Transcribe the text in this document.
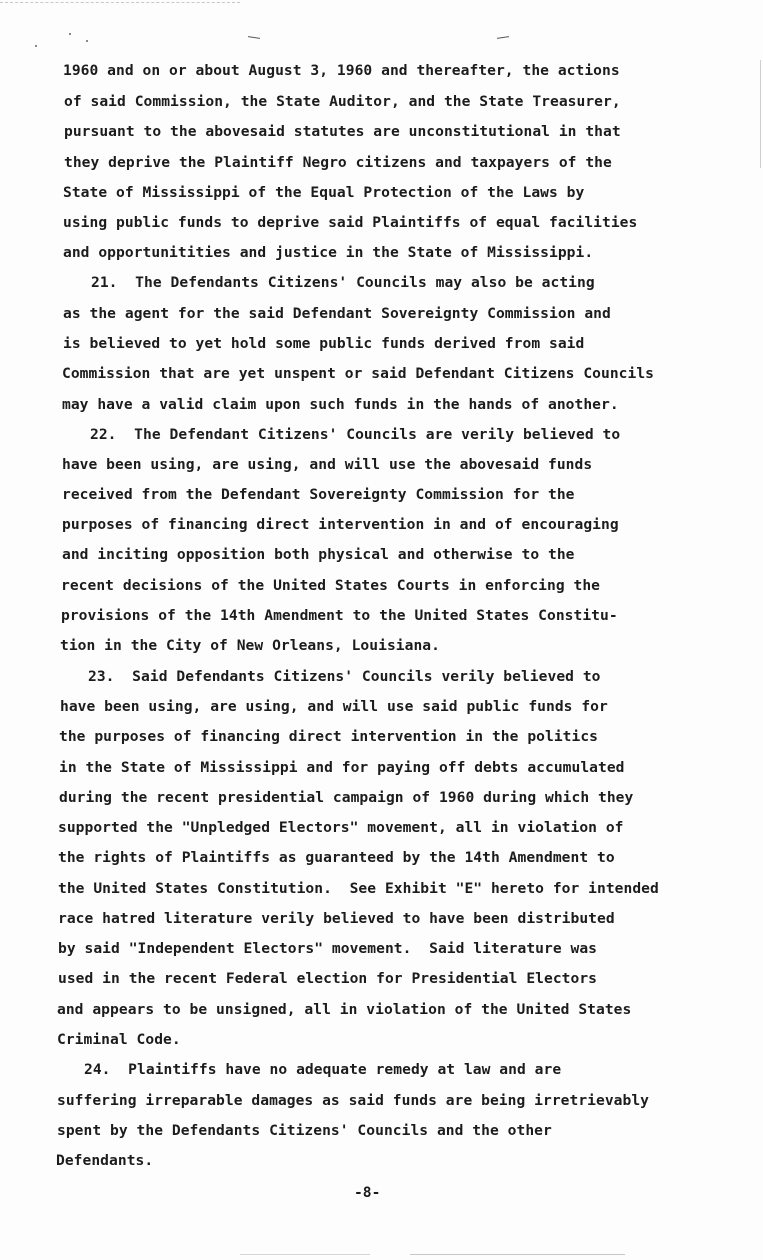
1960 and on or about August 3, 1960 and thereafter, the actions
of said Commission, the State Auditor, and the State Treasurer,
pursuant to the abovesaid statutes are unconstitutional in that
they deprive the Plaintiff Negro citizens and taxpayers of the
State of Mississippi of the Equal Protection of the Laws by
using public funds to deprive said Plaintiffs of equal facilities
and opportunitities and justice in the State of Mississippi.
21.  The Defendants Citizens' Councils may also be acting
as the agent for the said Defendant Sovereignty Commission and
is believed to yet hold some public funds derived from said
Commission that are yet unspent or said Defendant Citizens Councils
may have a valid claim upon such funds in the hands of another.
22.  The Defendant Citizens' Councils are verily believed to
have been using, are using, and will use the abovesaid funds
received from the Defendant Sovereignty Commission for the
purposes of financing direct intervention in and of encouraging
and inciting opposition both physical and otherwise to the
recent decisions of the United States Courts in enforcing the
provisions of the 14th Amendment to the United States Constitu-
tion in the City of New Orleans, Louisiana.
23.  Said Defendants Citizens' Councils verily believed to
have been using, are using, and will use said public funds for
the purposes of financing direct intervention in the politics
in the State of Mississippi and for paying off debts accumulated
during the recent presidential campaign of 1960 during which they
supported the "Unpledged Electors" movement, all in violation of
the rights of Plaintiffs as guaranteed by the 14th Amendment to
the United States Constitution.  See Exhibit "E" hereto for intended
race hatred literature verily believed to have been distributed
by said "Independent Electors" movement.  Said literature was
used in the recent Federal election for Presidential Electors
and appears to be unsigned, all in violation of the United States
Criminal Code.
24.  Plaintiffs have no adequate remedy at law and are
suffering irreparable damages as said funds are being irretrievably
spent by the Defendants Citizens' Councils and the other
Defendants.
-8-
